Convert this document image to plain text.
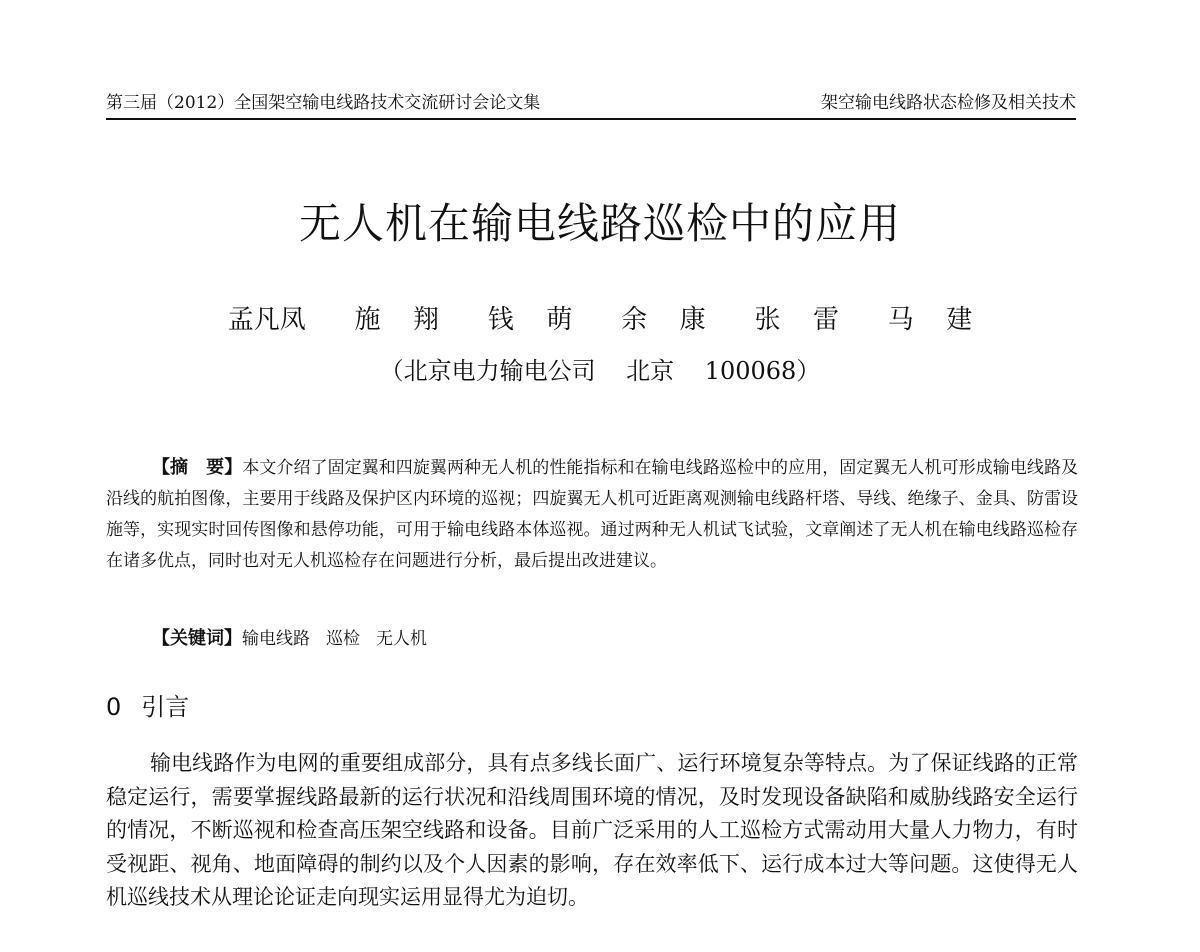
第三届（2012）全国架空输电线路技术交流研讨会论文集	架空输电线路状态检修及相关技术
无人机在输电线路巡检中的应用
孟凡凤   施  翔   钱  萌   余  康   张  雷   马  建
（北京电力输电公司    北京    100068）

【摘　要】本文介绍了固定翼和四旋翼两种无人机的性能指标和在输电线路巡检中的应用，固定翼无人机可形成输电线路及沿线的航拍图像，主要用于线路及保护区内环境的巡视；四旋翼无人机可近距离观测输电线路杆塔、导线、绝缘子、金具、防雷设施等，实现实时回传图像和悬停功能，可用于输电线路本体巡视。通过两种无人机试飞试验，文章阐述了无人机在输电线路巡检存在诸多优点，同时也对无人机巡检存在问题进行分析，最后提出改进建议。

【关键词】输电线路 巡检 无人机

0 引言

输电线路作为电网的重要组成部分，具有点多线长面广、运行环境复杂等特点。为了保证线路的正常稳定运行，需要掌握线路最新的运行状况和沿线周围环境的情况，及时发现设备缺陷和威胁线路安全运行的情况，不断巡视和检查高压架空线路和设备。目前广泛采用的人工巡检方式需动用大量人力物力，有时受视距、视角、地面障碍的制约以及个人因素的影响，存在效率低下、运行成本过大等问题。这使得无人机巡线技术从理论论证走向现实运用显得尤为迫切。
